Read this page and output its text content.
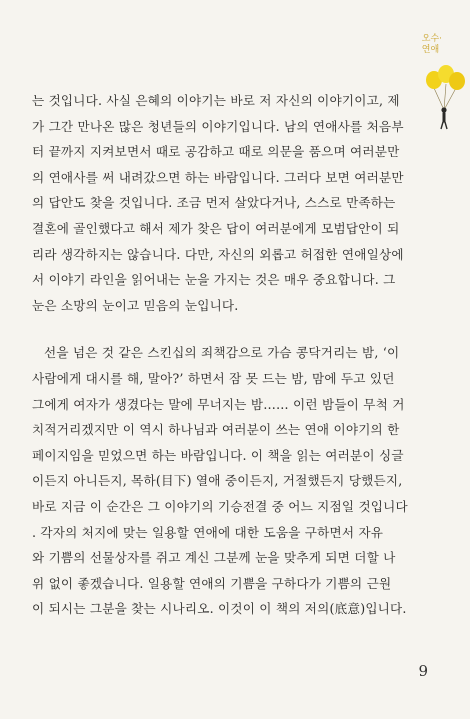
오수·
연애

는 것입니다. 사실 은혜의 이야기는 바로 저 자신의 이야기이고, 제

가 그간 만나온 많은 청년들의 이야기입니다. 남의 연애사를 처음부

터 끝까지 지켜보면서 때로 공감하고 때로 의문을 품으며 여러분만

의 연애사를 써 내려갔으면 하는 바람입니다. 그러다 보면 여러분만

의 답안도 찾을 것입니다. 조금 먼저 살았다거나, 스스로 만족하는

결혼에 골인했다고 해서 제가 찾은 답이 여러분에게 모범답안이 되

리라 생각하지는 않습니다. 다만, 자신의 외롭고 허접한 연애일상에

서 이야기 라인을 읽어내는 눈을 가지는 것은 매우 중요합니다. 그

눈은 소망의 눈이고 믿음의 눈입니다.

선을 넘은 것 같은 스킨십의 죄책감으로 가슴 콩닥거리는 밤, ‘이

사람에게 대시를 해, 말아?’ 하면서 잠 못 드는 밤, 맘에 두고 있던

그에게 여자가 생겼다는 말에 무너지는 밤…… 이런 밤들이 무척 거

치적거리겠지만 이 역시 하나님과 여러분이 쓰는 연애 이야기의 한

페이지임을 믿었으면 하는 바람입니다. 이 책을 읽는 여러분이 싱글

이든지 아니든지, 목하(目下) 열애 중이든지, 거절했든지 당했든지,

바로 지금 이 순간은 그 이야기의 기승전결 중 어느 지점일 것입니다

. 각자의 처지에 맞는 일용할 연애에 대한 도움을 구하면서 자유

와 기쁨의 선물상자를 쥐고 계신 그분께 눈을 맞추게 되면 더할 나

위 없이 좋겠습니다. 일용할 연애의 기쁨을 구하다가 기쁨의 근원

이 되시는 그분을 찾는 시나리오. 이것이 이 책의 저의(底意)입니다.

9
